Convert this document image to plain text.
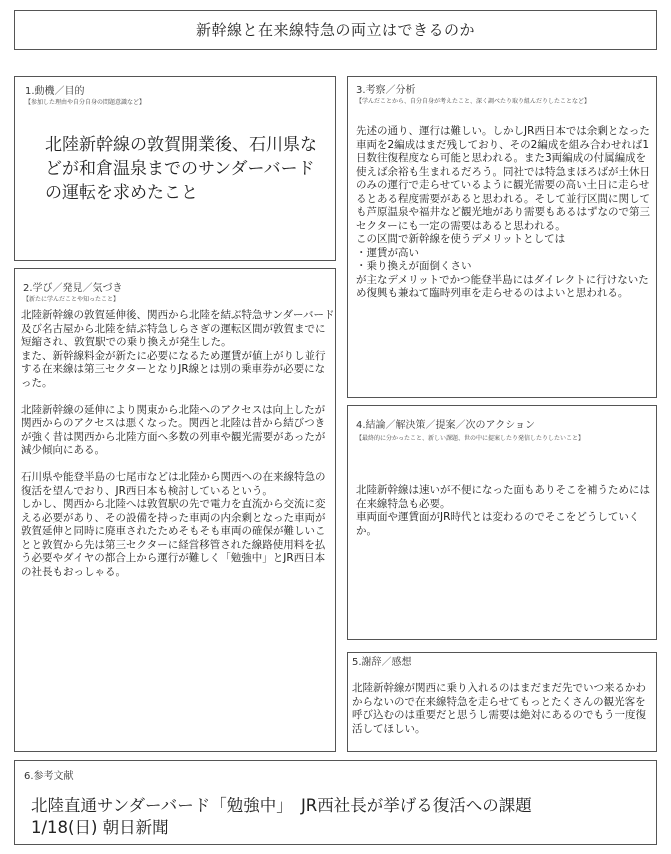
新幹線と在来線特急の両立はできるのか
1.動機／目的
【参加した理由や自分自身の問題意識など】
北陸新幹線の敦賀開業後、石川県などが和倉温泉までのサンダーバードの運転を求めたこと
2.学び／発見／気づき
【新たに学んだことや知ったこと】
北陸新幹線の敦賀延伸後、関西から北陸を結ぶ特急サンダーバード及び名古屋から北陸を結ぶ特急しらさぎの運転区間が敦賀までに短縮され、敦賀駅での乗り換えが発生した。
また、新幹線料金が新たに必要になるため運賃が値上がりし並行する在来線は第三セクターとなりJR線とは別の乗車券が必要になった。

北陸新幹線の延伸により関東から北陸へのアクセスは向上したが関西からのアクセスは悪くなった。関西と北陸は昔から結びつきが強く昔は関西から北陸方面へ多数の列車や観光需要があったが減少傾向にある。

石川県や能登半島の七尾市などは北陸から関西への在来線特急の復活を望んでおり、JR西日本も検討しているという。
しかし、関西から北陸へは敦賀駅の先で電力を直流から交流に変える必要があり、その設備を持った車両の内余剰となった車両が敦賀延伸と同時に廃車されたためそもそも車両の確保が難しいことと敦賀から先は第三セクターに経営移管された線路使用料を払う必要やダイヤの都合上から運行が難しく「勉強中」とJR西日本の社長もおっしゃる。
3.考察／分析
【学んだことから、自分自身が考えたこと、深く調べたり取り組んだりしたことなど】
先述の通り、運行は難しい。しかしJR西日本では余剰となった車両を2編成はまだ残しており、その2編成を組み合わせれば1日数往復程度なら可能と思われる。また3両編成の付属編成を使えば余裕も生まれるだろう。同社では特急まほろばが土休日のみの運行で走らせているように観光需要の高い土日に走らせるとある程度需要があると思われる。そして並行区間に関しても芦原温泉や福井など観光地があり需要もあるはずなので第三セクターにも一定の需要はあると思われる。
この区間で新幹線を使うデメリットとしては
・運賃が高い
・乗り換えが面倒くさい
が主なデメリットでかつ能登半島にはダイレクトに行けないため復興も兼ねて臨時列車を走らせるのはよいと思われる。
4.結論／解決策／提案／次のアクション
【最終的に分かったこと、新しい課題、世の中に提案したり発信したりしたいこと】
北陸新幹線は速いが不便になった面もありそこを補うためには在来線特急も必要。
車両面や運賃面がJR時代とは変わるのでそこをどうしていくか。
5.謝辞／感想
北陸新幹線が関西に乗り入れるのはまだまだ先でいつ来るかわからないので在来線特急を走らせてもっとたくさんの観光客を呼び込むのは重要だと思うし需要は絶対にあるのでもう一度復活してほしい。
6.参考文献
北陸直通サンダーバード「勉強中」　JR西社長が挙げる復活への課題
1/18(日) 朝日新聞
